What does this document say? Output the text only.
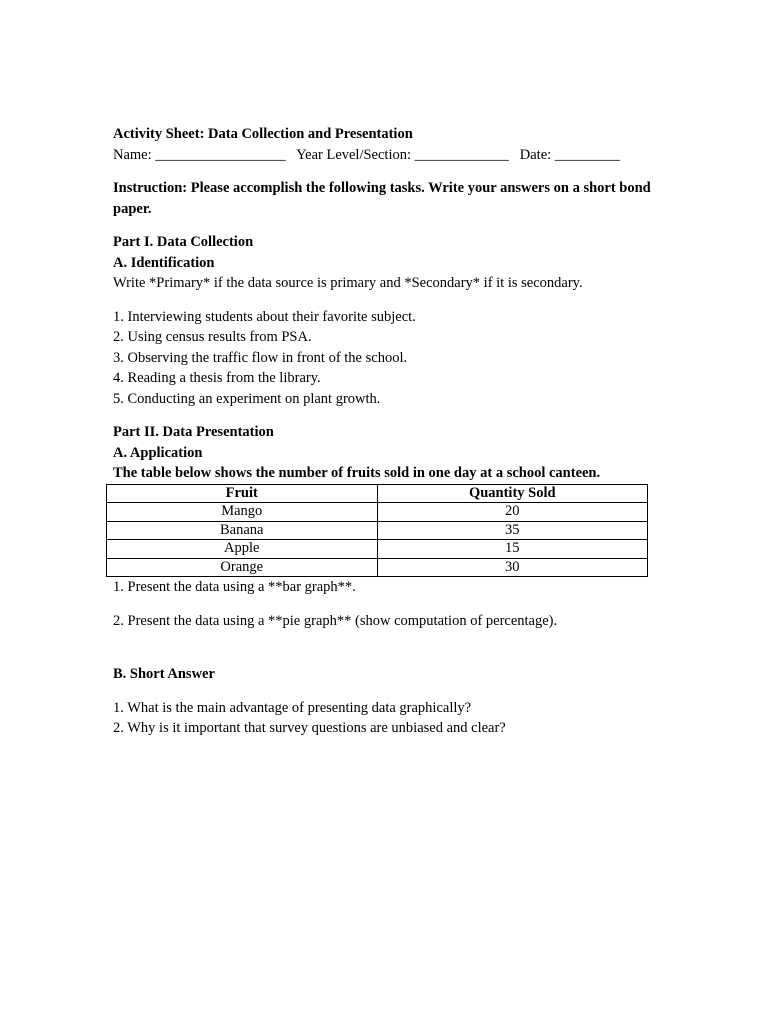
Activity Sheet: Data Collection and Presentation
Name: __________________   Year Level/Section: _____________   Date: _________
Instruction: Please accomplish the following tasks. Write your answers on a short bond paper.
Part I. Data Collection
A. Identification
Write *Primary* if the data source is primary and *Secondary* if it is secondary.
1. Interviewing students about their favorite subject.
2. Using census results from PSA.
3. Observing the traffic flow in front of the school.
4. Reading a thesis from the library.
5. Conducting an experiment on plant growth.
Part II. Data Presentation
A. Application
The table below shows the number of fruits sold in one day at a school canteen.
Fruit	Quantity Sold
Mango	20
Banana	35
Apple	15
Orange	30
1. Present the data using a **bar graph**.
2. Present the data using a **pie graph** (show computation of percentage).
B. Short Answer
1. What is the main advantage of presenting data graphically?
2. Why is it important that survey questions are unbiased and clear?
